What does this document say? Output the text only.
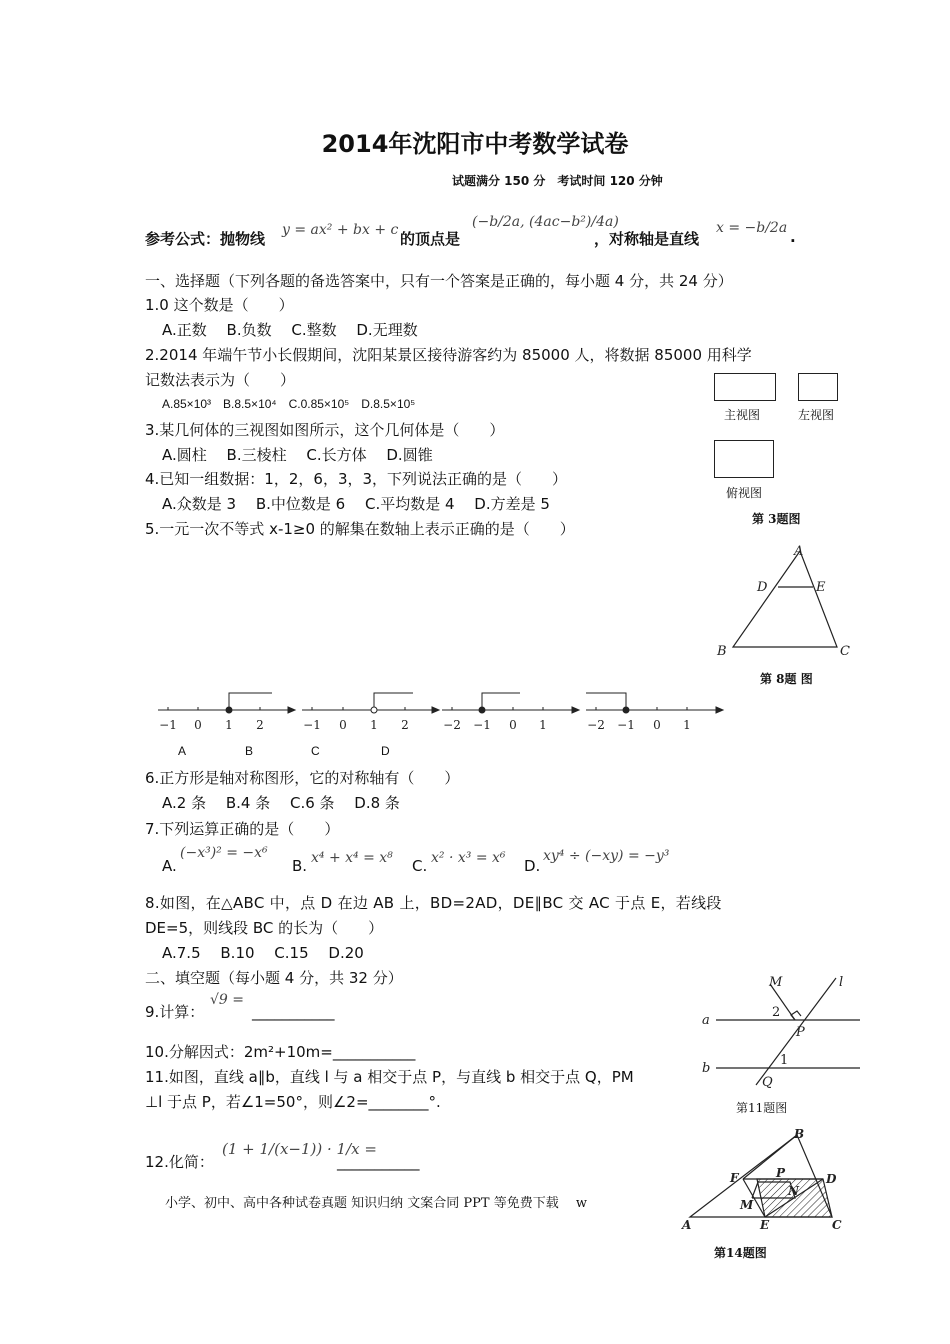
2014年沈阳市中考数学试卷
试题满分 150 分　考试时间 120 分钟
参考公式：抛物线 y = ax² + bx + c 的顶点是
(−b/2a, (4ac−b²)/4a)
，对称轴是直线
x = −b/2a .
一、选择题（下列各题的备选答案中，只有一个答案是正确的，每小题 4 分，共 24 分）
1.0 这个数是（　　）
A.正数　 B.负数　 C.整数　 D.无理数
2.2014 年端午节小长假期间，沈阳某景区接待游客约为 85000 人，将数据 85000 用科学
记数法表示为（　　）
A.85×10³　B.8.5×10⁴　C.0.85×10⁵　D.8.5×10⁵
3.某几何体的三视图如图所示，这个几何体是（　　）
A.圆柱　 B.三棱柱　 C.长方体　 D.圆锥
4.已知一组数据：1，2，6，3，3，下列说法正确的是（　　）
A.众数是 3　 B.中位数是 6　 C.平均数是 4　 D.方差是 5
5.一元一次不等式 x-1≥0 的解集在数轴上表示正确的是（　　）
−1 0 1 2	−1 0 1 2	−2 −1 0 1	−2 −1 0 1
A	B	C	D
6.正方形是轴对称图形，它的对称轴有（　　）
A.2 条　 B.4 条　 C.6 条　 D.8 条
7.下列运算正确的是（　　）
A.
(−x³)² = −x⁶
B. x⁴ + x⁴ = x⁸ C. x² · x³ = x⁶ D.
xy⁴ ÷ (−xy) = −y³
8.如图，在△ABC 中，点 D 在边 AB 上，BD=2AD，DE∥BC 交 AC 于点 E，若线段
DE=5，则线段 BC 的长为（　　）
A.7.5　 B.10　 C.15　 D.20
二、填空题（每小题 4 分，共 32 分）
9.计算：
√9 =
___________
10.分解因式：2m²+10m=___________
11.如图，直线 a∥b，直线 l 与 a 相交于点 P，与直线 b 相交于点 Q，PM
⊥l 于点 P，若∠1=50°，则∠2=________°.
12.化简：
(1 + 1/(x−1)) · 1/x =
___________
小学、初中、高中各种试卷真题 知识归纳 文案合同 PPT 等免费下载　 w
主视图	左视图
俯视图
第 3题图
A
D	E
B	C
第 8题 图
M	l
a
2
P
b
1
Q
第11题图
B
F	P	D
N
M
A	E	C
第14题图
